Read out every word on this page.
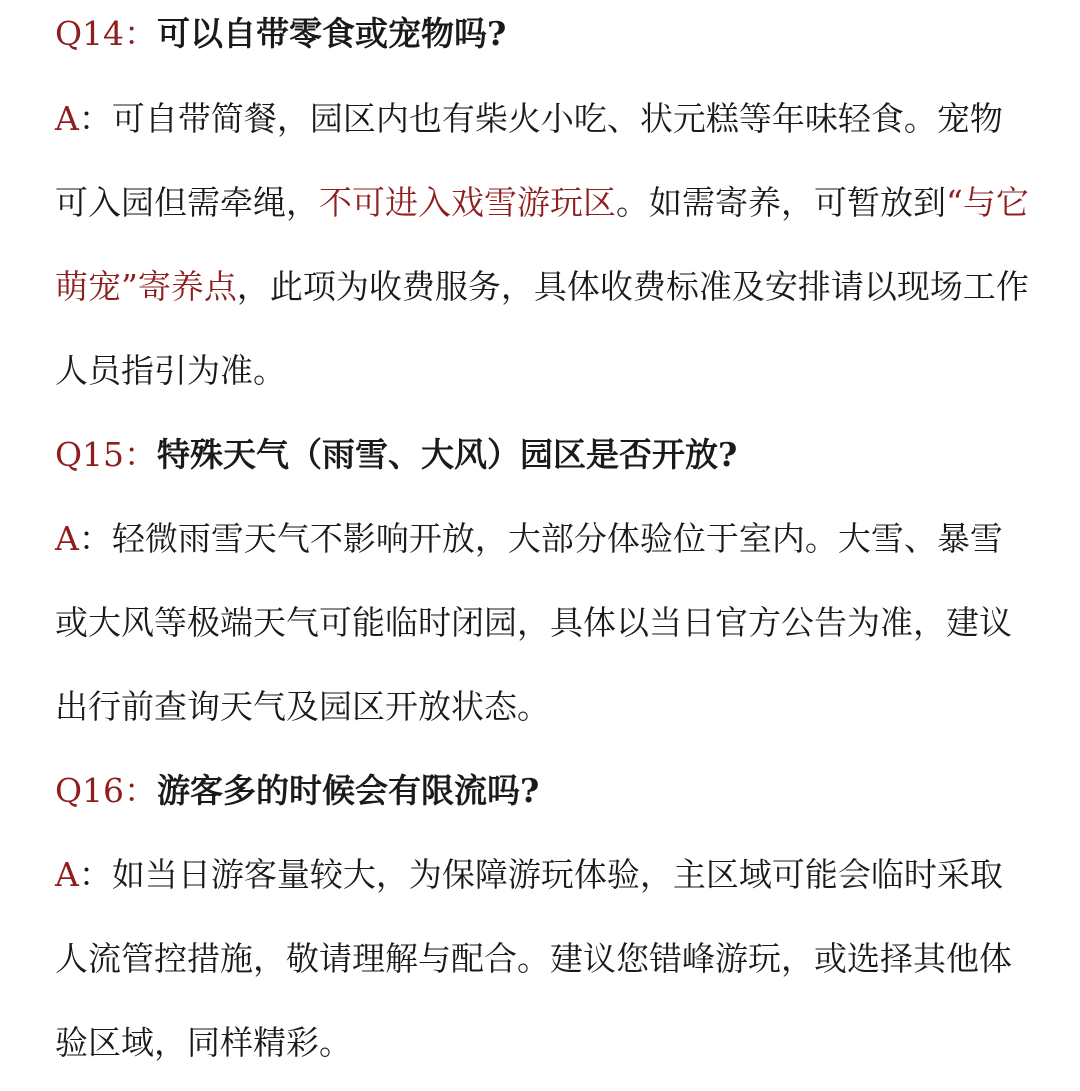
Q14：可以自带零食或宠物吗?

A：可自带简餐，园区内也有柴火小吃、状元糕等年味轻食。宠物可入园但需牵绳，不可进入戏雪游玩区。如需寄养，可暂放到“与它萌宠”寄养点，此项为收费服务，具体收费标准及安排请以现场工作人员指引为准。

Q15：特殊天气（雨雪、大风）园区是否开放?

A：轻微雨雪天气不影响开放，大部分体验位于室内。大雪、暴雪或大风等极端天气可能临时闭园，具体以当日官方公告为准，建议出行前查询天气及园区开放状态。

Q16：游客多的时候会有限流吗?

A：如当日游客量较大，为保障游玩体验，主区域可能会临时采取人流管控措施，敬请理解与配合。建议您错峰游玩，或选择其他体验区域，同样精彩。
